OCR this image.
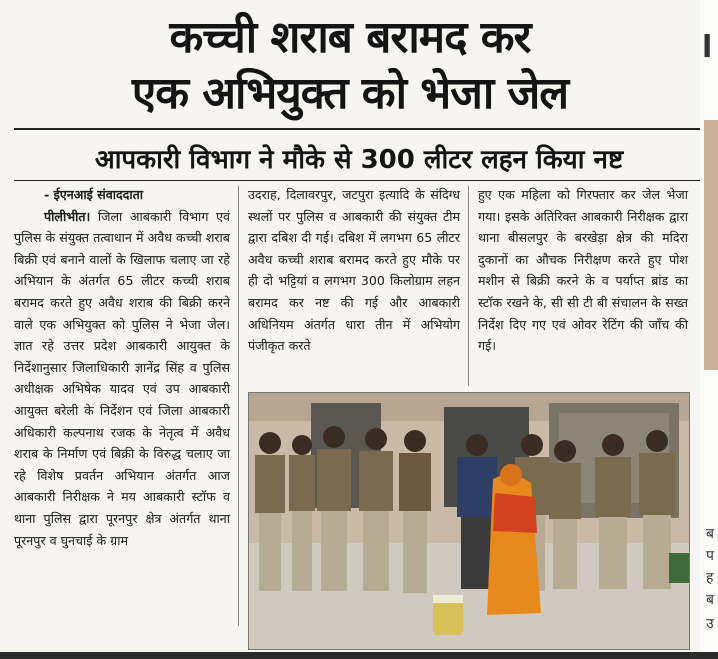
कच्ची शराब बरामद कर
एक अभियुक्त को भेजा जेल
आपकारी विभाग ने मौके से 300 लीटर लहन किया नष्ट
- ईएनआई संवाददाता
पीलीभीत। जिला आबकारी विभाग एवं पुलिस के संयुक्त तत्वाधान में अवैध कच्ची शराब बिक्री एवं बनाने वालों के खिलाफ चलाए जा रहे अभियान के अंतर्गत 65 लीटर कच्ची शराब बरामद करते हुए अवैध शराब की बिक्री करने वाले एक अभियुक्त को पुलिस ने भेजा जेल। ज्ञात रहे उत्तर प्रदेश आबकारी आयुक्त के निर्देशानुसार जिलाधिकारी ज्ञानेंद्र सिंह व पुलिस अधीक्षक अभिषेक यादव एवं उप आबकारी आयुक्त बरेली के निर्देशन एवं जिला आबकारी अधिकारी कल्पनाथ रजक के नेतृत्व में अवैध शराब के निर्माण एवं बिक्री के विरुद्ध चलाए जा रहे विशेष प्रवर्तन अभियान अंतर्गत आज आबकारी निरीक्षक ने मय आबकारी स्टॉफ व थाना पुलिस द्वारा पूरनपुर क्षेत्र अंतर्गत थाना पूरनपुर व घुनचाई के ग्राम
उदराह, दिलावरपुर, जटपुरा इत्यादि के संदिग्ध स्थलों पर पुलिस व आबकारी की संयुक्त टीम द्वारा दबिश दी गई। दबिश में लगभग 65 लीटर अवैध कच्ची शराब बरामद करते हुए मौके पर ही दो भट्टियां व लगभग 300 किलोग्राम लहन बरामद कर नष्ट की गई और आबकारी अधिनियम अंतर्गत धारा तीन में अभियोग पंजीकृत करते
हुए एक महिला को गिरफ्तार कर जेल भेजा गया। इसके अतिरिक्त आबकारी निरीक्षक द्वारा थाना बीसलपुर के बरखेड़ा क्षेत्र की मदिरा दुकानों का औचक निरीक्षण करते हुए पोश मशीन से बिक्री करने के व पर्याप्त ब्रांड का स्टॉक रखने के, सी सी टी बी संचालन के सख्त निर्देश दिए गए एवं ओवर रेटिंग की जाँच की गई।
l
ब
प
ह
ब
उ
